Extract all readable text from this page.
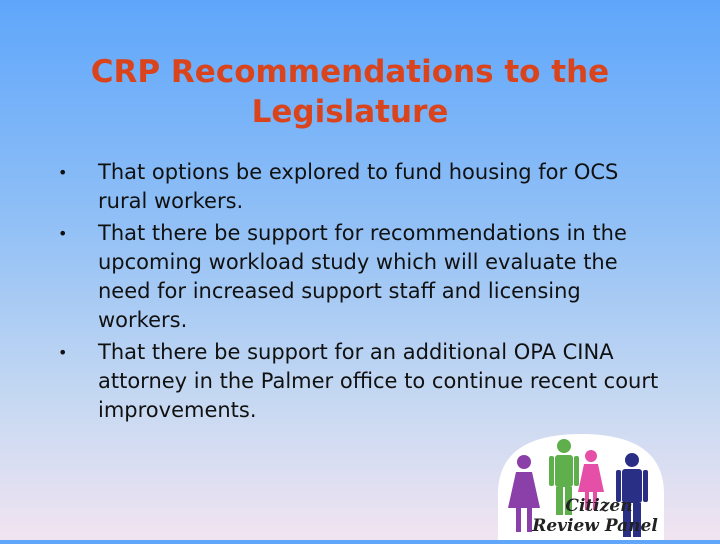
CRP Recommendations to the Legislature
• That options be explored to fund housing for OCS rural workers.
• That there be support for recommendations in the upcoming workload study which will evaluate the need for increased support staff and licensing workers.
• That there be support for an additional OPA CINA attorney in the Palmer office to continue recent court improvements.
Citizen
Review Panel
